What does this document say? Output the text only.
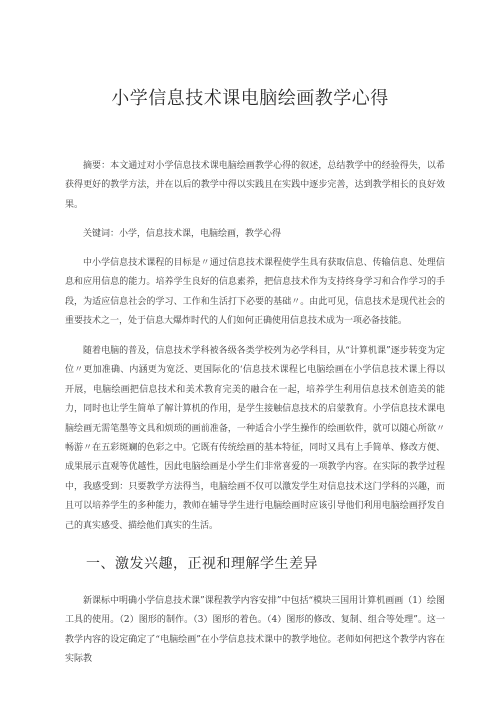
小学信息技术课电脑绘画教学心得

摘要：本文通过对小学信息技术课电脑绘画教学心得的叙述，总结教学中的经验得失，以希获得更好的教学方法，并在以后的教学中得以实践且在实践中逐步完善，达到教学相长的良好效果。

关键词：小学，信息技术课，电脑绘画，教学心得

中小学信息技术课程的目标是〃通过信息技术课程使学生具有获取信息、传输信息、处理信息和应用信息的能力。培养学生良好的信息素养，把信息技术作为支持终身学习和合作学习的手段，为适应信息社会的学习、工作和生活打下必要的基础〃。由此可见，信息技术是现代社会的重要技术之一，处于信息大爆炸时代的人们如何正确使用信息技术成为一项必备技能。

随着电脑的普及，信息技术学科被各级各类学校列为必学科目，从“计算机课”逐步转变为定位〃更加准确、内涵更为宽泛、更国际化的‘信息技术课程匕电脑绘画在小学信息技术课上得以开展，电脑绘画把信息技术和美术教育完美的融合在一起，培养学生利用信息技术创造美的能力，同时也让学生简单了解计算机的作用，是学生接触信息技术的启蒙教育。小学信息技术课电脑绘画无需笔墨等文具和烦琐的画前准备，一种适合小学生操作的绘画软件，就可以随心所欲〃畅游〃在五彩斑斓的色彩之中。它既有传统绘画的基本特征，同时又具有上手简单、修改方便、成果展示直观等优越性，因此电脑绘画是小学生们非常喜爱的一项教学内容。在实际的教学过程中，我感受到：只要教学方法得当，电脑绘画不仅可以激发学生对信息技术这门学科的兴趣，而且可以培养学生的多种能力，教师在辅导学生进行电脑绘画时应该引导他们利用电脑绘画抒发自己的真实感受、描绘他们真实的生活。

一、激发兴趣，正视和理解学生差异

新课标中明确小学信息技术课”课程教学内容安排”中包括“模块三国用计算机画画（1）绘图工具的使用。（2）图形的制作。（3）图形的着色。（4）图形的修改、复制、组合等处理”。这一教学内容的设定确定了“电脑绘画”在小学信息技术课中的教学地位。老师如何把这个教学内容在实际教
